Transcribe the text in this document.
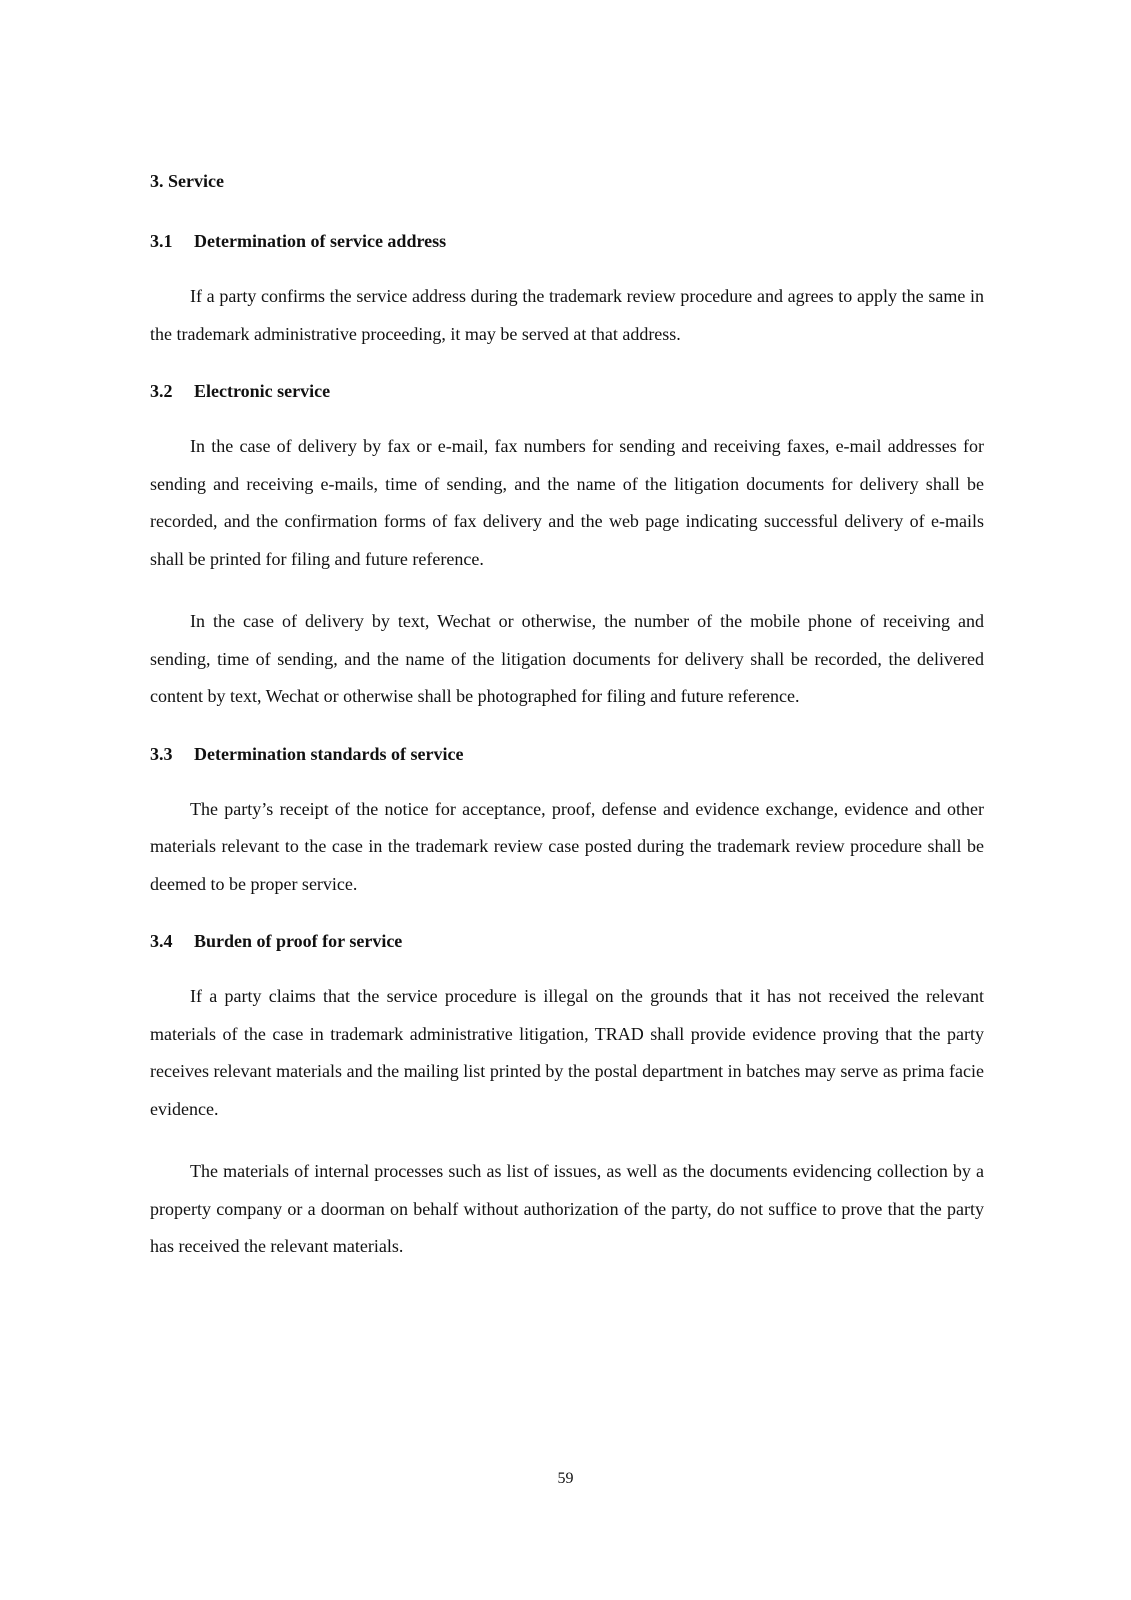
3. Service
3.1	Determination of service address

If a party confirms the service address during the trademark review procedure and agrees to apply the same in the trademark administrative proceeding, it may be served at that address.

3.2	Electronic service

In the case of delivery by fax or e-mail, fax numbers for sending and receiving faxes, e-mail addresses for sending and receiving e-mails, time of sending, and the name of the litigation documents for delivery shall be recorded, and the confirmation forms of fax delivery and the web page indicating successful delivery of e-mails shall be printed for filing and future reference.

In the case of delivery by text, Wechat or otherwise, the number of the mobile phone of receiving and sending, time of sending, and the name of the litigation documents for delivery shall be recorded, the delivered content by text, Wechat or otherwise shall be photographed for filing and future reference.

3.3	Determination standards of service

The party’s receipt of the notice for acceptance, proof, defense and evidence exchange, evidence and other materials relevant to the case in the trademark review case posted during the trademark review procedure shall be deemed to be proper service.

3.4	Burden of proof for service

If a party claims that the service procedure is illegal on the grounds that it has not received the relevant materials of the case in trademark administrative litigation, TRAD shall provide evidence proving that the party receives relevant materials and the mailing list printed by the postal department in batches may serve as prima facie evidence.

The materials of internal processes such as list of issues, as well as the documents evidencing collection by a property company or a doorman on behalf without authorization of the party, do not suffice to prove that the party has received the relevant materials.

59
